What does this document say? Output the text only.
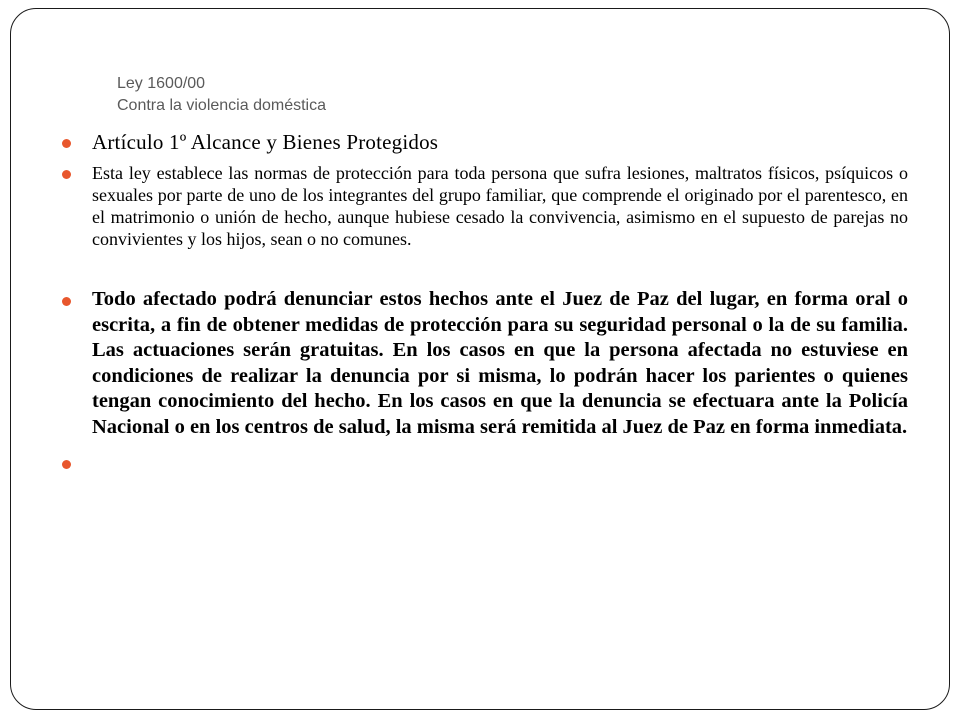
Ley 1600/00
Contra la violencia doméstica
Artículo 1º Alcance y Bienes Protegidos
Esta ley establece las normas de protección para toda persona que sufra lesiones, maltratos físicos, psíquicos o sexuales por parte de uno de los integrantes del grupo familiar, que comprende el originado por el parentesco, en el matrimonio o unión de hecho, aunque hubiese cesado la convivencia, asimismo en el supuesto de parejas no convivientes y los hijos, sean o no comunes.
Todo afectado podrá denunciar estos hechos ante el Juez de Paz del lugar, en forma oral o escrita, a fin de obtener medidas de protección para su seguridad personal o la de su familia. Las actuaciones serán gratuitas. En los casos en que la persona afectada no estuviese en condiciones de realizar la denuncia por si misma, lo podrán hacer los parientes o quienes tengan conocimiento del hecho. En los casos en que la denuncia se efectuara ante la Policía Nacional o en los centros de salud, la misma será remitida al Juez de Paz en forma inmediata.
